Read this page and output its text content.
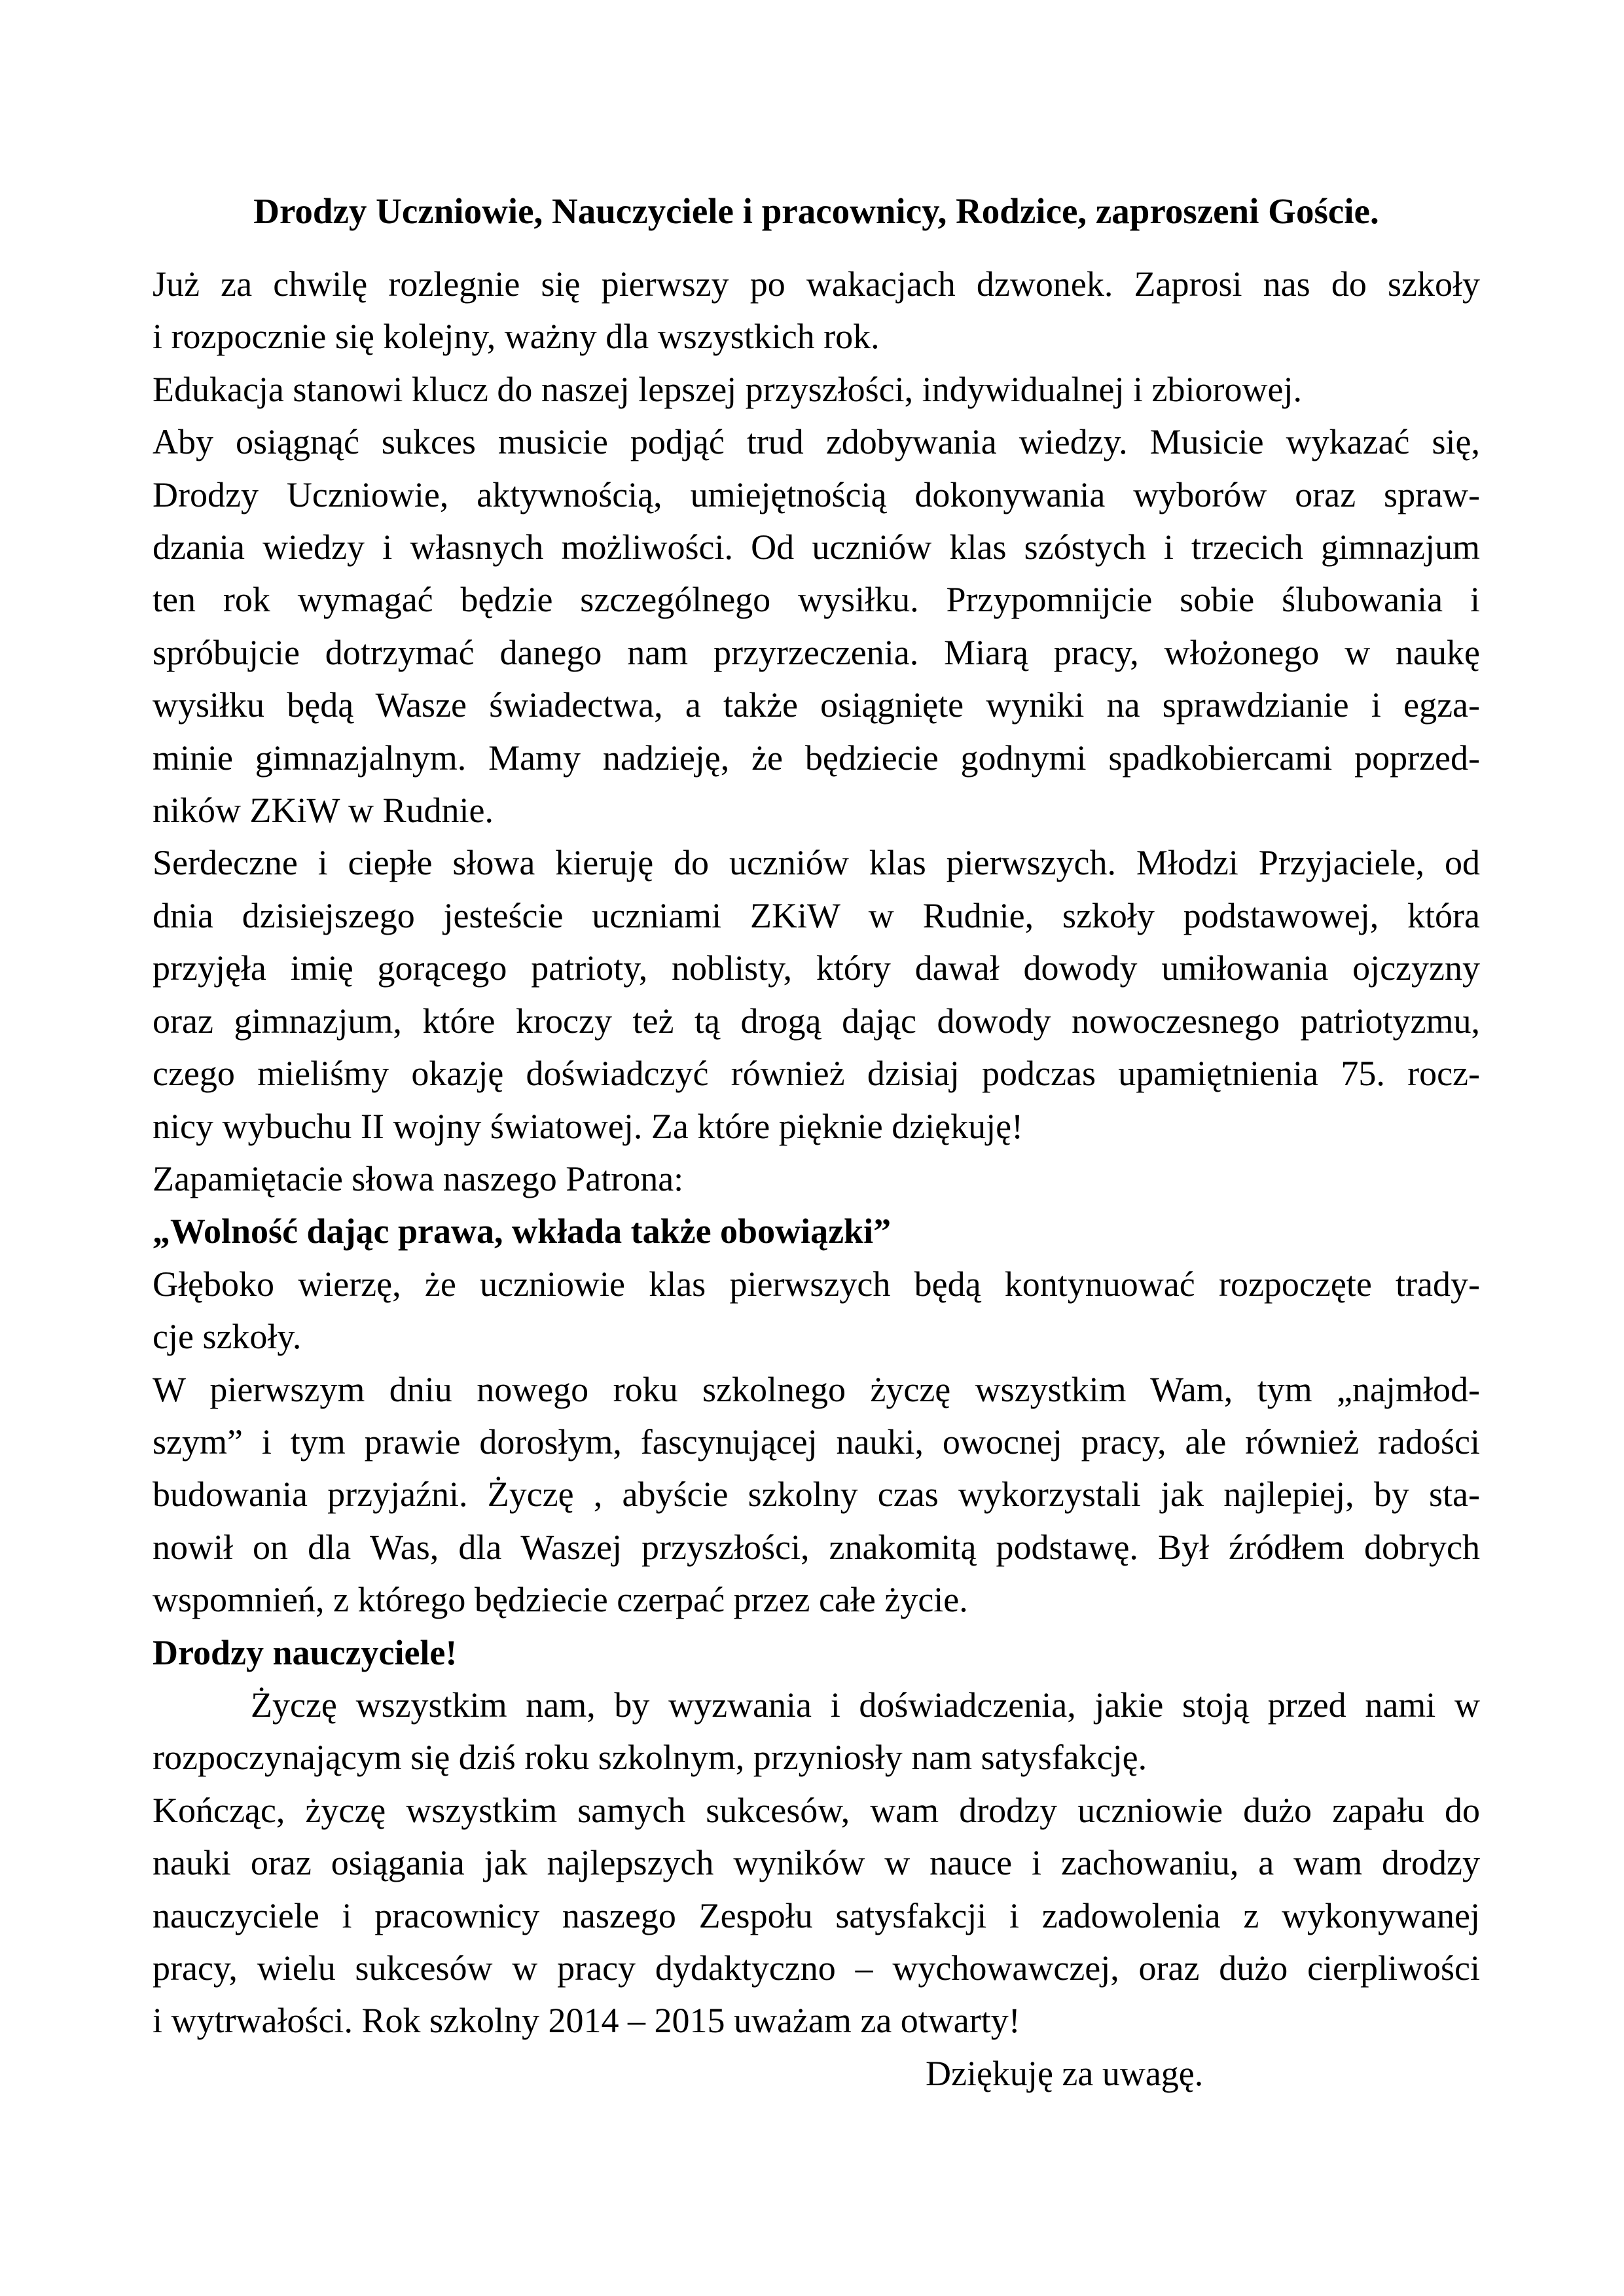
Drodzy Uczniowie, Nauczyciele i pracownicy, Rodzice, zaproszeni Goście.
Już za chwilę rozlegnie się pierwszy po wakacjach dzwonek. Zaprosi nas do szkoły
i rozpocznie się kolejny, ważny dla wszystkich rok.
Edukacja stanowi klucz do naszej lepszej przyszłości, indywidualnej i zbiorowej.
Aby osiągnąć sukces musicie podjąć trud zdobywania wiedzy. Musicie wykazać się,
Drodzy Uczniowie, aktywnością, umiejętnością dokonywania wyborów oraz spraw-
dzania wiedzy i własnych możliwości. Od uczniów klas szóstych i trzecich gimnazjum
ten rok wymagać będzie szczególnego wysiłku. Przypomnijcie sobie ślubowania i
spróbujcie dotrzymać danego nam przyrzeczenia. Miarą pracy, włożonego w naukę
wysiłku będą Wasze świadectwa, a także osiągnięte wyniki na sprawdzianie i egza-
minie gimnazjalnym. Mamy nadzieję, że będziecie godnymi spadkobiercami poprzed-
ników ZKiW w Rudnie.
Serdeczne i ciepłe słowa kieruję do uczniów klas pierwszych. Młodzi Przyjaciele, od
dnia dzisiejszego jesteście uczniami ZKiW w Rudnie, szkoły podstawowej, która
przyjęła imię gorącego patrioty, noblisty, który dawał dowody umiłowania ojczyzny
oraz gimnazjum, które kroczy też tą drogą dając dowody nowoczesnego patriotyzmu,
czego mieliśmy okazję doświadczyć również dzisiaj podczas upamiętnienia 75. rocz-
nicy wybuchu II wojny światowej. Za które pięknie dziękuję!
Zapamiętacie słowa naszego Patrona:
„Wolność dając prawa, wkłada także obowiązki”
Głęboko wierzę, że uczniowie klas pierwszych będą kontynuować rozpoczęte trady-
cje szkoły.
W pierwszym dniu nowego roku szkolnego życzę wszystkim Wam, tym „najmłod-
szym” i tym prawie dorosłym, fascynującej nauki, owocnej pracy, ale również radości
budowania przyjaźni. Życzę , abyście szkolny czas wykorzystali jak najlepiej, by sta-
nowił on dla Was, dla Waszej przyszłości, znakomitą podstawę. Był źródłem dobrych
wspomnień, z którego będziecie czerpać przez całe życie.
Drodzy nauczyciele!
Życzę wszystkim nam, by wyzwania i doświadczenia, jakie stoją przed nami w
rozpoczynającym się dziś roku szkolnym, przyniosły nam satysfakcję.
Kończąc, życzę wszystkim samych sukcesów, wam drodzy uczniowie dużo zapału do
nauki oraz osiągania jak najlepszych wyników w nauce i zachowaniu, a wam drodzy
nauczyciele i pracownicy naszego Zespołu satysfakcji i zadowolenia z wykonywanej
pracy, wielu sukcesów w pracy dydaktyczno – wychowawczej, oraz dużo cierpliwości
i wytrwałości. Rok szkolny 2014 – 2015 uważam za otwarty!
Dziękuję za uwagę.
